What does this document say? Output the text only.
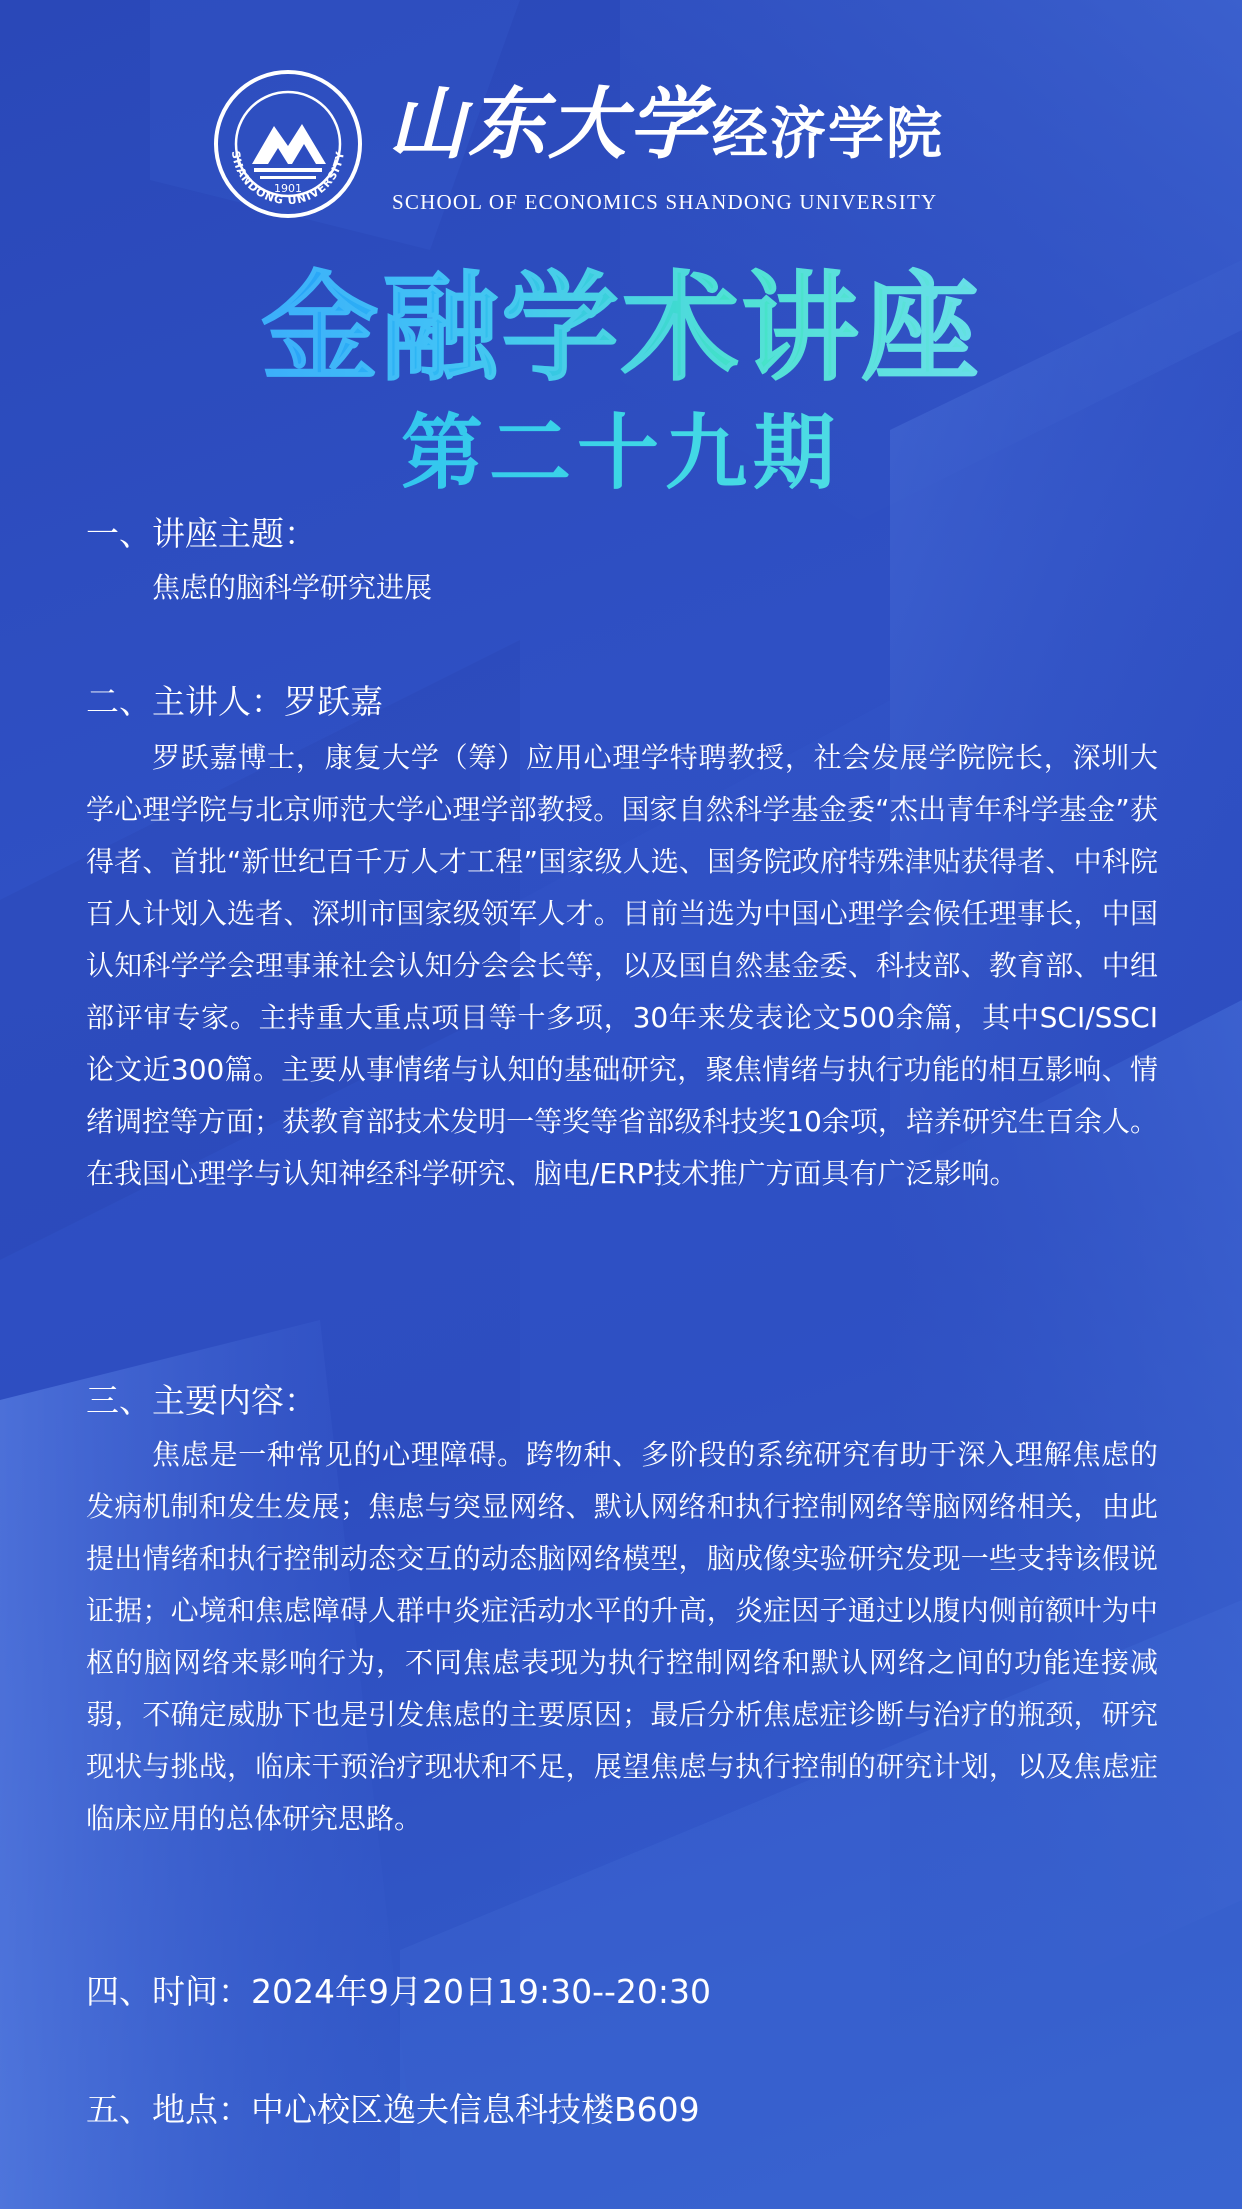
1901
SHANDONG UNIVERSITY 山东大学 经济学院
SCHOOL OF ECONOMICS SHANDONG UNIVERSITY
金融学术讲座
第二十九期
一、讲座主题：
焦虑的脑科学研究进展
二、主讲人：罗跃嘉
罗跃嘉博士，康复大学（筹）应用心理学特聘教授，社会发展学院院长，深圳大学心理学院与北京师范大学心理学部教授。国家自然科学基金委“杰出青年科学基金”获得者、首批“新世纪百千万人才工程”国家级人选、国务院政府特殊津贴获得者、中科院百人计划入选者、深圳市国家级领军人才。目前当选为中国心理学会候任理事长，中国认知科学学会理事兼社会认知分会会长等，以及国自然基金委、科技部、教育部、中组部评审专家。主持重大重点项目等十多项，30年来发表论文500余篇，其中SCI/SSCI论文近300篇。主要从事情绪与认知的基础研究，聚焦情绪与执行功能的相互影响、情绪调控等方面；获教育部技术发明一等奖等省部级科技奖10余项，培养研究生百余人。在我国心理学与认知神经科学研究、脑电/ERP技术推广方面具有广泛影响。
三、主要内容：
焦虑是一种常见的心理障碍。跨物种、多阶段的系统研究有助于深入理解焦虑的发病机制和发生发展；焦虑与突显网络、默认网络和执行控制网络等脑网络相关，由此提出情绪和执行控制动态交互的动态脑网络模型，脑成像实验研究发现一些支持该假说证据；心境和焦虑障碍人群中炎症活动水平的升高，炎症因子通过以腹内侧前额叶为中枢的脑网络来影响行为，不同焦虑表现为执行控制网络和默认网络之间的功能连接减弱，不确定威胁下也是引发焦虑的主要原因；最后分析焦虑症诊断与治疗的瓶颈，研究现状与挑战，临床干预治疗现状和不足，展望焦虑与执行控制的研究计划，以及焦虑症临床应用的总体研究思路。
四、时间：2024年9月20日19:30--20:30
五、地点：中心校区逸夫信息科技楼B609
